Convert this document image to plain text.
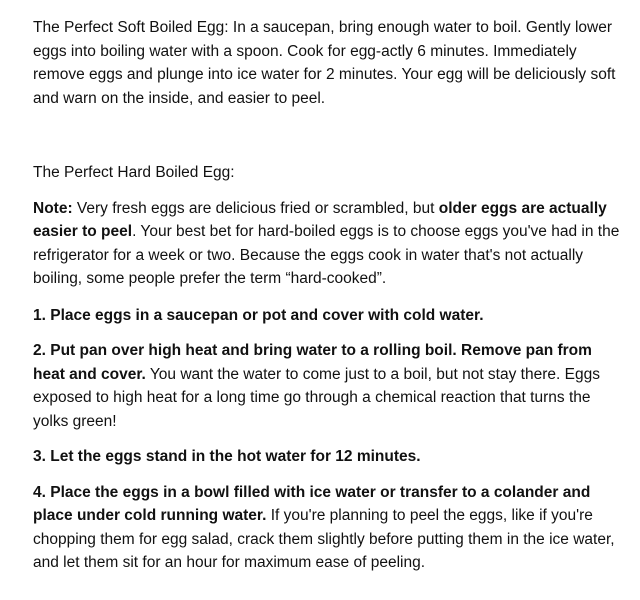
The Perfect Soft Boiled Egg: In a saucepan, bring enough water to boil. Gently lower eggs into boiling water with a spoon. Cook for egg-actly 6 minutes. Immediately remove eggs and plunge into ice water for 2 minutes. Your egg will be deliciously soft and warn on the inside, and easier to peel.

The Perfect Hard Boiled Egg:

Note: Very fresh eggs are delicious fried or scrambled, but older eggs are actually easier to peel. Your best bet for hard-boiled eggs is to choose eggs you've had in the refrigerator for a week or two. Because the eggs cook in water that's not actually boiling, some people prefer the term “hard-cooked”.

1. Place eggs in a saucepan or pot and cover with cold water.

2. Put pan over high heat and bring water to a rolling boil. Remove pan from heat and cover. You want the water to come just to a boil, but not stay there. Eggs exposed to high heat for a long time go through a chemical reaction that turns the yolks green!

3. Let the eggs stand in the hot water for 12 minutes.

4. Place the eggs in a bowl filled with ice water or transfer to a colander and place under cold running water. If you're planning to peel the eggs, like if you're chopping them for egg salad, crack them slightly before putting them in the ice water, and let them sit for an hour for maximum ease of peeling.
